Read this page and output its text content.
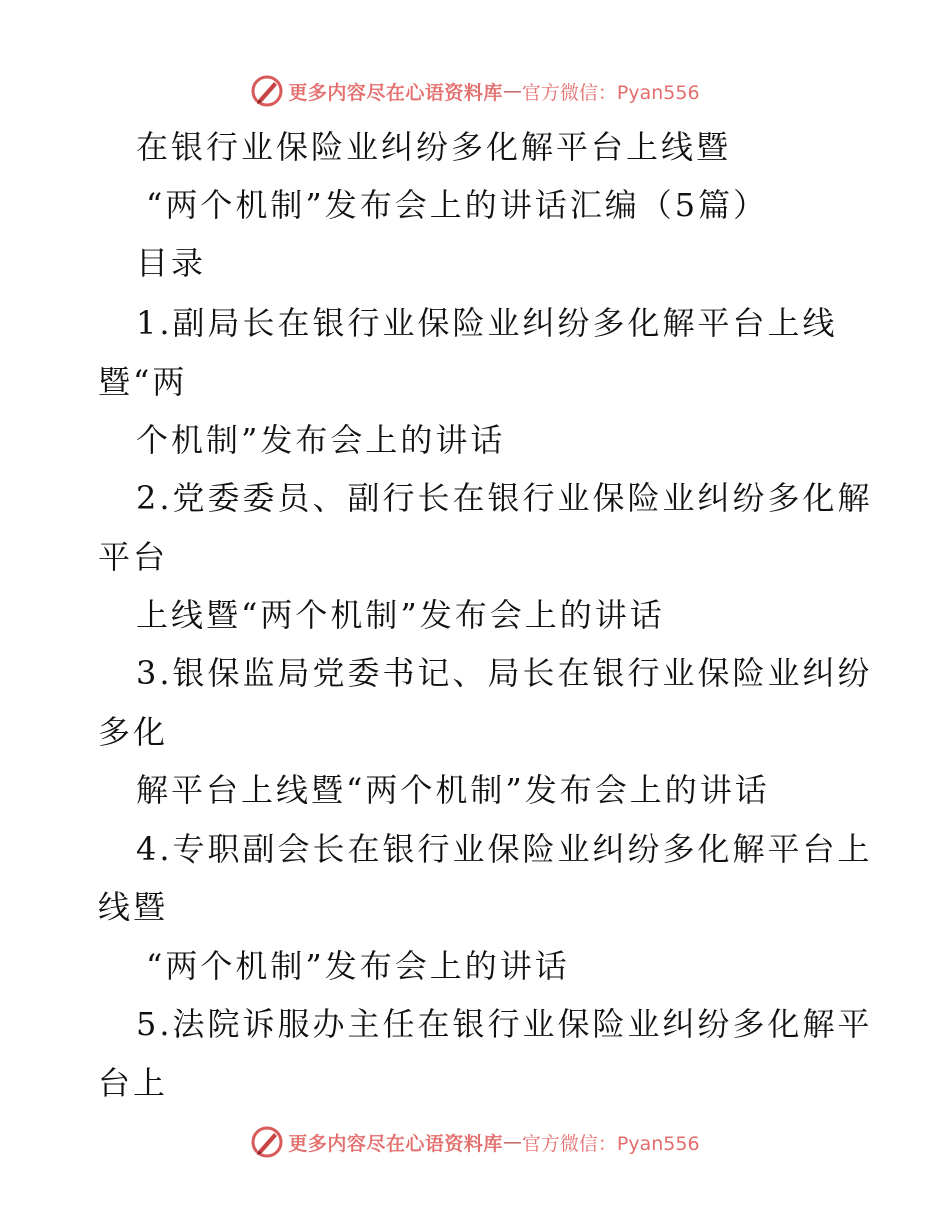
更多内容尽在心语资料库 — 官方微信：Pyan556
在银行业保险业纠纷多化解平台上线暨
“两个机制”发布会上的讲话汇编（5篇）
目录
1.副局长在银行业保险业纠纷多化解平台上线
暨“两
个机制”发布会上的讲话
2.党委委员、副行长在银行业保险业纠纷多化解
平台
上线暨“两个机制”发布会上的讲话
3.银保监局党委书记、局长在银行业保险业纠纷
多化
解平台上线暨“两个机制”发布会上的讲话
4.专职副会长在银行业保险业纠纷多化解平台上
线暨
“两个机制”发布会上的讲话
5.法院诉服办主任在银行业保险业纠纷多化解平
台上
更多内容尽在心语资料库 — 官方微信：Pyan556
